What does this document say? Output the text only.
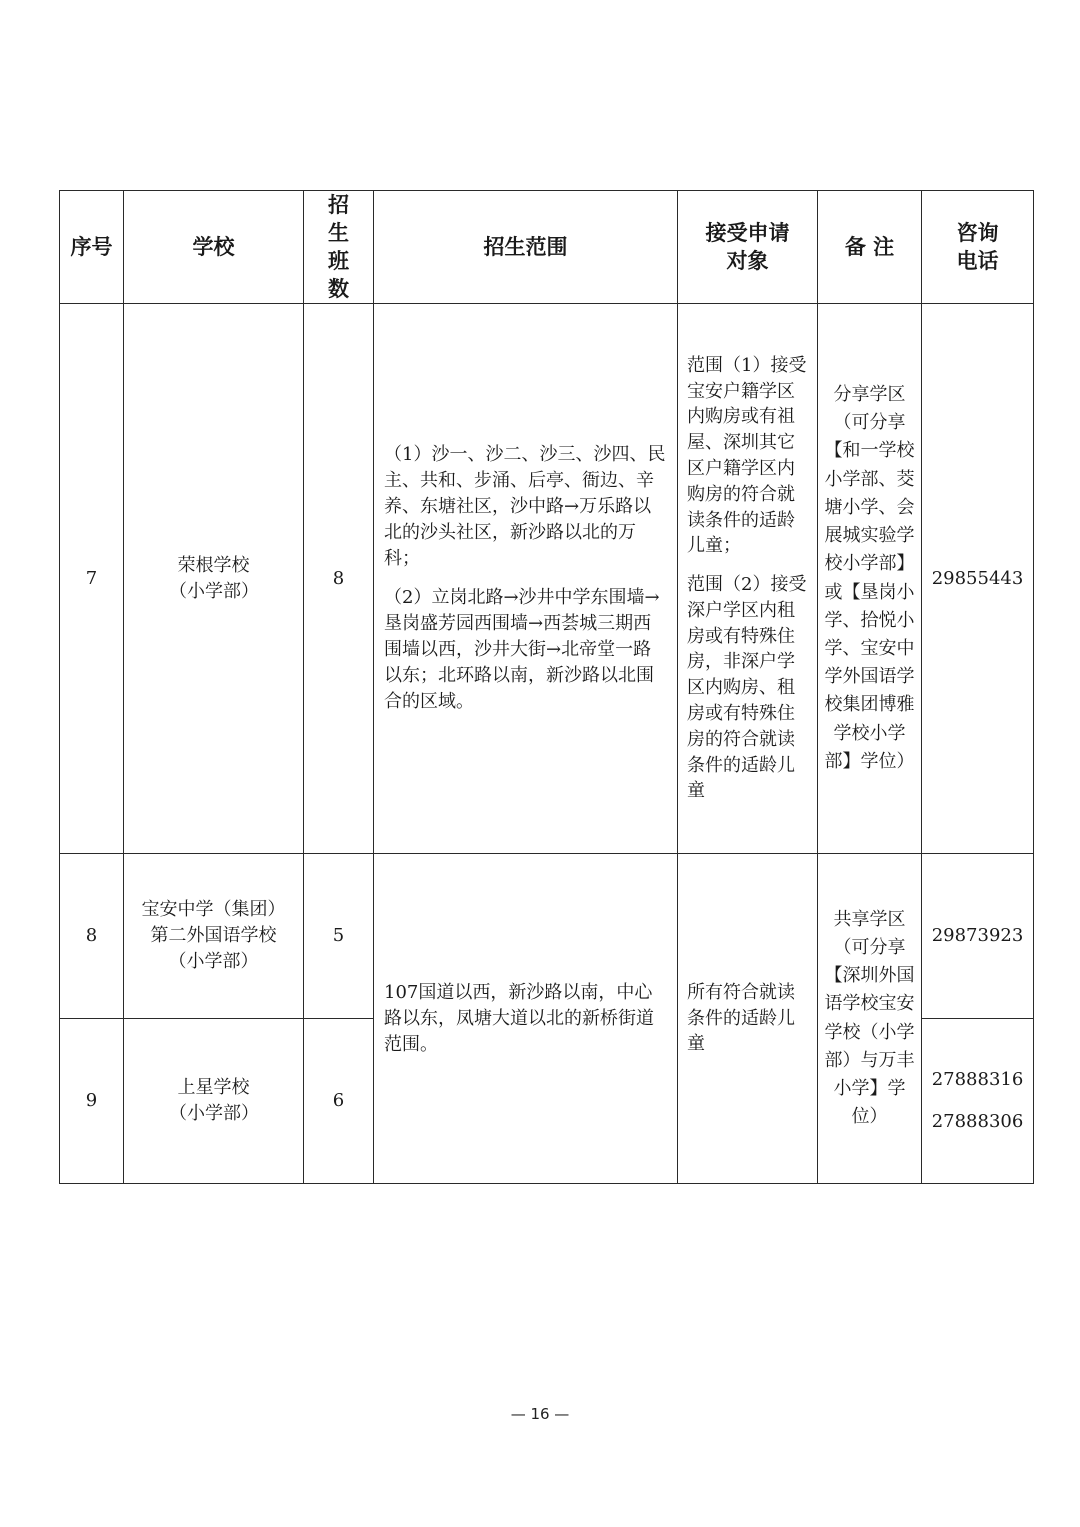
序号	学校	招生班数	招生范围	接受申请对象	备 注	咨询电话
7	荣根学校（小学部）	8	（1）沙一、沙二、沙三、沙四、民主、共和、步涌、后亭、衙边、辛养、东塘社区，沙中路→万乐路以北的沙头社区，新沙路以北的万科；
（2）立岗北路→沙井中学东围墙→垦岗盛芳园西围墙→西荟城三期西围墙以西，沙井大街→北帝堂一路以东；北环路以南，新沙路以北围合的区域。	范围（1）接受宝安户籍学区内购房或有祖屋、深圳其它区户籍学区内购房的符合就读条件的适龄儿童；
范围（2）接受深户学区内租房或有特殊住房，非深户学区内购房、租房或有特殊住房的符合就读条件的适龄儿童	分享学区（可分享【和一学校小学部、茭塘小学、会展城实验学校小学部】或【垦岗小学、拾悦小学、宝安中学外国语学校集团博雅学校小学部】学位）	29855443

8	宝安中学（集团）第二外国语学校（小学部）	5	107国道以西，新沙路以南，中心路以东，凤塘大道以北的新桥街道范围。	所有符合就读条件的适龄儿童	共享学区（可分享【深圳外国语学校宝安学校（小学部）与万丰小学】学位）	29873923

9	上星学校（小学部）	6				27888316
27888306
— 16 —
